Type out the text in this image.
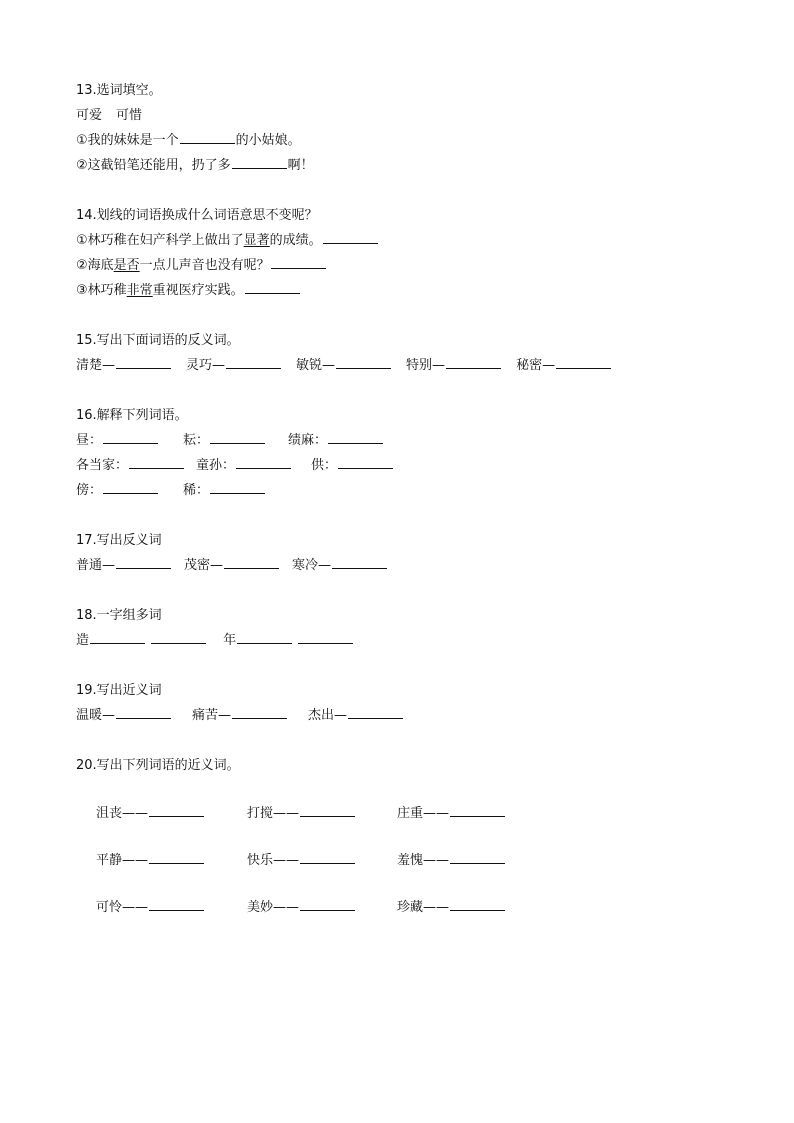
13.选词填空。
可爱 可惜
①我的妹妹是一个	的小姑娘。
②这截铅笔还能用，扔了多	啊！
14.划线的词语换成什么词语意思不变呢？
①林巧稚在妇产科学上做出了显著的成绩。
②海底是否一点儿声音也没有呢？
③林巧稚非常重视医疗实践。
15.写出下面词语的反义词。
清楚—	灵巧—	敏锐—	特别—	秘密—
16.解释下列词语。
昼：	耘：	绩麻：
各当家：	童孙：	供：
傍：	稀：
17.写出反义词
普通—	茂密—	寒冷—
18.一字组多词
造	年
19.写出近义词
温暖—	痛苦—	杰出—
20.写出下列词语的近义词。
沮丧——	打搅——	庄重——
平静——	快乐——	羞愧——
可怜——	美妙——	珍藏——
